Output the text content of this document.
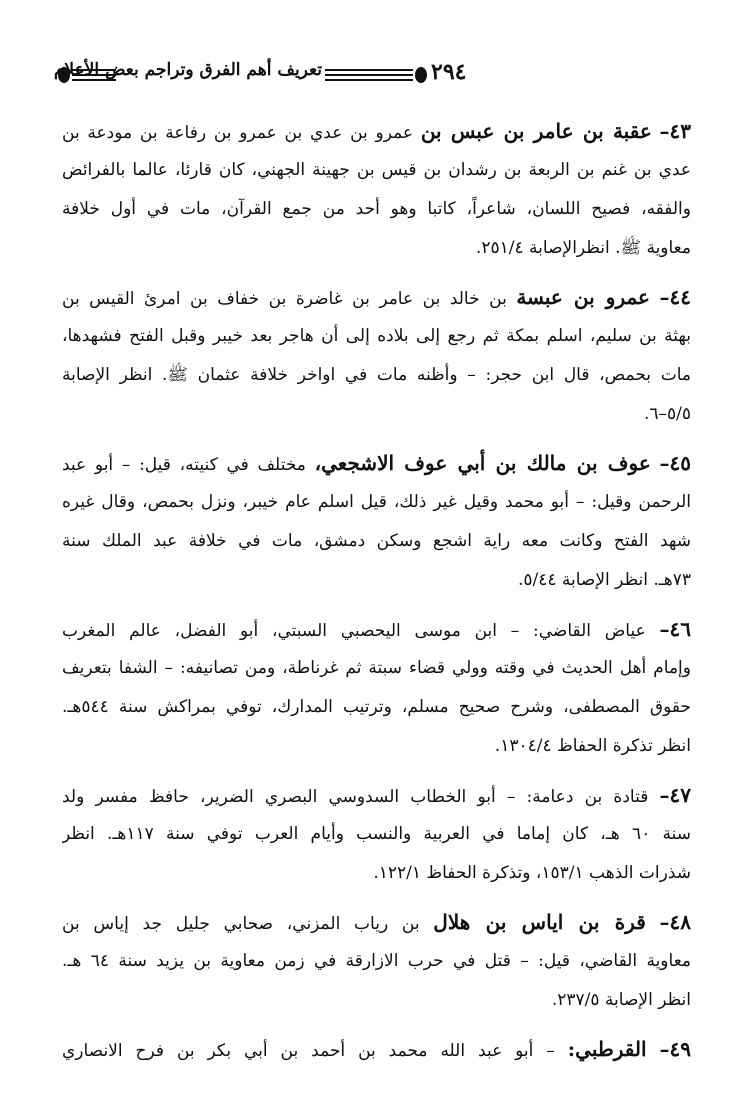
تعريف أهم الفرق وتراجم بعض الأعلام	٢٩٤
٤٣– عقبة بن عامر بن عبس بن عمرو بن عدي بن عمرو بن رفاعة بن مودعة بن
عدي بن غنم بن الربعة بن رشدان بن قيس بن جهينة الجهني، كان قارئا، عالما بالفرائض
والفقه، فصيح اللسان، شاعراً، كاتبا وهو أحد من جمع القرآن، مات في أول خلافة
معاوية ﷺ. انظرالإصابة ٢٥١/٤.
٤٤– عمرو بن عبسة بن خالد بن عامر بن غاضرة بن خفاف بن امرئ القيس بن
بهثة بن سليم، اسلم بمكة ثم رجع إلى بلاده إلى أن هاجر بعد خيبر وقبل الفتح فشهدها،
مات بحمص، قال ابن حجر: – وأظنه مات في اواخر خلافة عثمان ﷺ. انظر الإصابة
٥/٥–٦.
٤٥– عوف بن مالك بن أبي عوف الاشجعي، مختلف في كنيته، قيل: – أبو عبد
الرحمن وقيل: – أبو محمد وقيل غير ذلك، قيل اسلم عام خيبر، ونزل بحمص، وقال غيره
شهد الفتح وكانت معه راية اشجع وسكن دمشق، مات في خلافة عبد الملك سنة
٧٣هـ. انظر الإصابة ٥/٤٤.
٤٦– عياض القاضي: – ابن موسى اليحصبي السبتي، أبو الفضل، عالم المغرب
وإمام أهل الحديث في وقته وولي قضاء سبتة ثم غرناطة، ومن تصانيفه: – الشفا بتعريف
حقوق المصطفى، وشرح صحيح مسلم، وترتيب المدارك، توفي بمراكش سنة ٥٤٤هـ.
انظر تذكرة الحفاظ ١٣٠٤/٤.
٤٧– قتادة بن دعامة: – أبو الخطاب السدوسي البصري الضرير، حافظ مفسر ولد
سنة ٦٠ هـ، كان إماما في العربية والنسب وأيام العرب توفي سنة ١١٧هـ. انظر
شذرات الذهب ١٥٣/١، وتذكرة الحفاظ ١٢٢/١.
٤٨– قرة بن اياس بن هلال بن رياب المزني، صحابي جليل جد إياس بن
معاوية القاضي، قيل: – قتل في حرب الازارقة في زمن معاوية بن يزيد سنة ٦٤ هـ.
انظر الإصابة ٢٣٧/٥.
٤٩– القرطبي: – أبو عبد الله محمد بن أحمد بن أبي بكر بن فرح الانصاري
